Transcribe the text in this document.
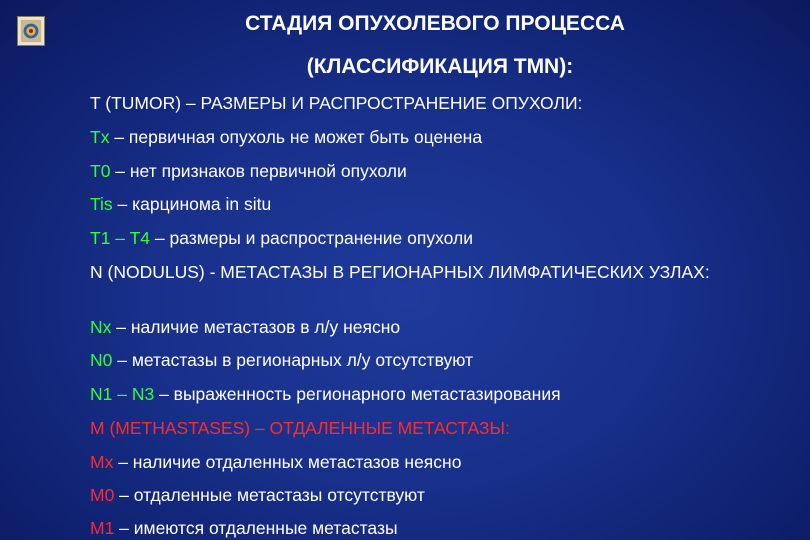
СТАДИЯ ОПУХОЛЕВОГО ПРОЦЕССА
(КЛАССИФИКАЦИЯ TMN):
T (TUMOR) – РАЗМЕРЫ И РАСПРОСТРАНЕНИЕ ОПУХОЛИ:
Tx – первичная опухоль не может быть оценена
T0 – нет признаков первичной опухоли
Tis – карцинома in situ
T1 – T4 – размеры и распространение опухоли
N (NODULUS) - МЕТАСТАЗЫ В РЕГИОНАРНЫХ ЛИМФАТИЧЕСКИХ УЗЛАХ:
Nx – наличие метастазов в л/у неясно
N0 – метастазы в регионарных л/у отсутствуют
N1 – N3 – выраженность регионарного метастазирования
M (METHASTASES) – ОТДАЛЕННЫЕ МЕТАСТАЗЫ:
Mx – наличие отдаленных метастазов неясно
M0 – отдаленные метастазы отсутствуют
M1 – имеются отдаленные метастазы
